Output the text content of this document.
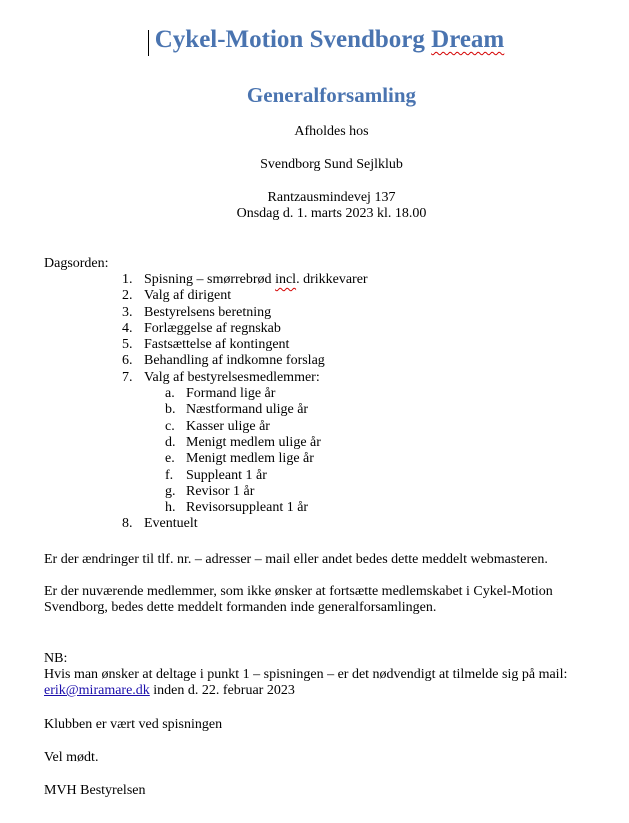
Cykel-Motion Svendborg Dream
Generalforsamling
Afholdes hos
Svendborg Sund Sejlklub
Rantzausmindevej 137
Onsdag d. 1. marts 2023 kl. 18.00
Dagsorden:
1. Spisning – smørrebrød incl. drikkevarer
2. Valg af dirigent
3. Bestyrelsens beretning
4. Forlæggelse af regnskab
5. Fastsættelse af kontingent
6. Behandling af indkomne forslag
7. Valg af bestyrelsesmedlemmer:
a. Formand lige år
b. Næstformand ulige år
c. Kasser ulige år
d. Menigt medlem ulige år
e. Menigt medlem lige år
f. Suppleant 1 år
g. Revisor 1 år
h. Revisorsuppleant 1 år
8. Eventuelt
Er der ændringer til tlf. nr. – adresser – mail eller andet bedes dette meddelt webmasteren.
Er der nuværende medlemmer, som ikke ønsker at fortsætte medlemskabet i Cykel-Motion Svendborg, bedes dette meddelt formanden inde generalforsamlingen.
NB:
Hvis man ønsker at deltage i punkt 1 – spisningen – er det nødvendigt at tilmelde sig på mail:
erik@miramare.dk inden d. 22. februar 2023
Klubben er vært ved spisningen
Vel mødt.
MVH Bestyrelsen
